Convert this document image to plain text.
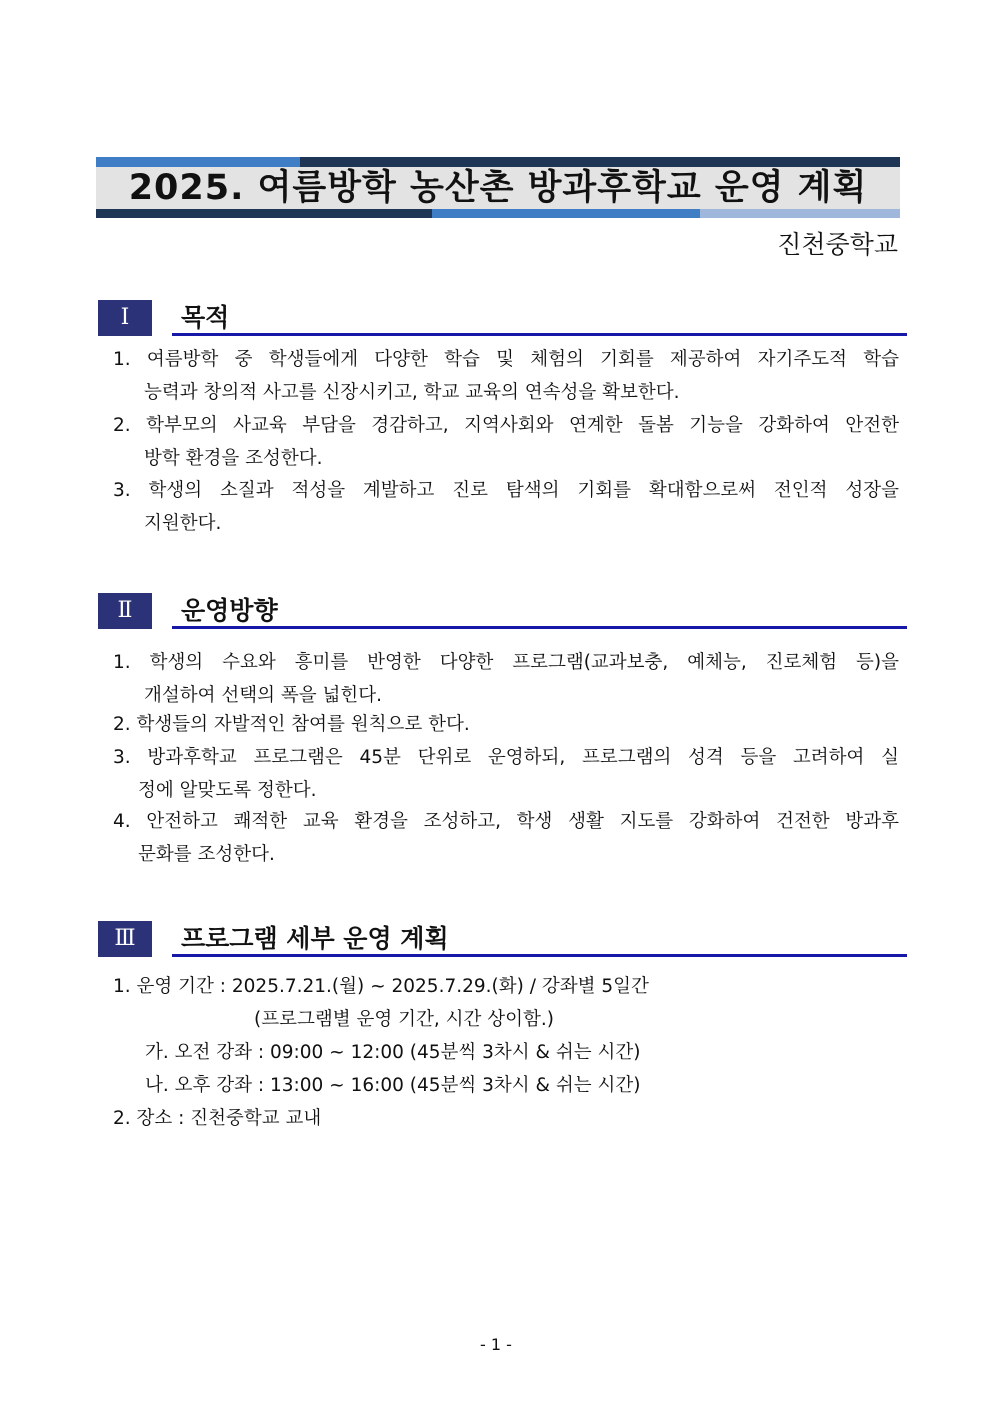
2025. 여름방학 농산촌 방과후학교 운영 계획
진천중학교
Ⅰ	목적
1. 여름방학 중 학생들에게 다양한 학습 및 체험의 기회를 제공하여 자기주도적 학습
능력과 창의적 사고를 신장시키고, 학교 교육의 연속성을 확보한다.
2. 학부모의 사교육 부담을 경감하고, 지역사회와 연계한 돌봄 기능을 강화하여 안전한
방학 환경을 조성한다.
3. 학생의 소질과 적성을 계발하고 진로 탐색의 기회를 확대함으로써 전인적 성장을
지원한다.
Ⅱ	운영방향
1. 학생의 수요와 흥미를 반영한 다양한 프로그램(교과보충, 예체능, 진로체험 등)을
개설하여 선택의 폭을 넓힌다.
2. 학생들의 자발적인 참여를 원칙으로 한다.
3. 방과후학교 프로그램은 45분 단위로 운영하되, 프로그램의 성격 등을 고려하여 실
정에 알맞도록 정한다.
4. 안전하고 쾌적한 교육 환경을 조성하고, 학생 생활 지도를 강화하여 건전한 방과후
문화를 조성한다.
Ⅲ	프로그램 세부 운영 계획
1. 운영 기간 : 2025.7.21.(월) ~ 2025.7.29.(화) / 강좌별 5일간
(프로그램별 운영 기간, 시간 상이함.)
가. 오전 강좌 : 09:00 ~ 12:00 (45분씩 3차시 & 쉬는 시간)
나. 오후 강좌 : 13:00 ~ 16:00 (45분씩 3차시 & 쉬는 시간)
2. 장소 : 진천중학교 교내
- 1 -
